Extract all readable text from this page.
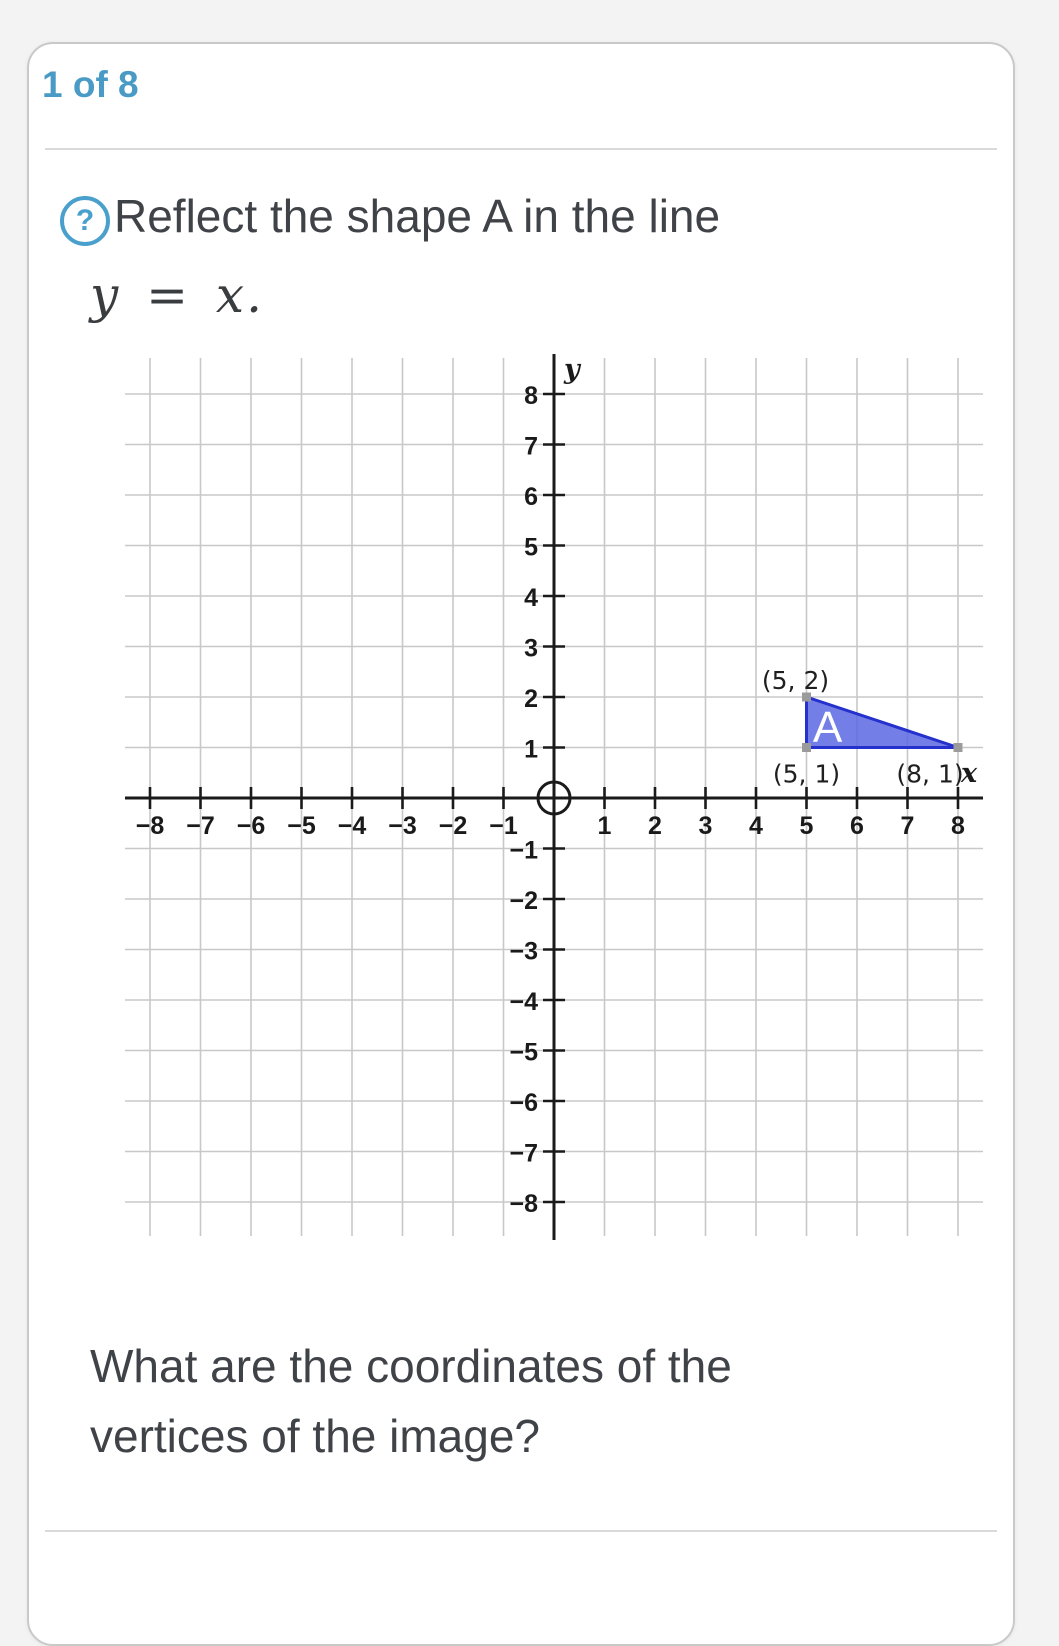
1 of 8
? Reflect the shape A in the line
y = x.
−8 −7 −6 −5 −4 −3 −2 −1	1 2 3 4 5 6 7 8
8
7
6
5
4
3
2
1
−1
−2
−3
−4
−5
−6
−7
−8
y
x
(5, 2)
(5, 1) (8, 1)
A
What are the coordinates of the
vertices of the image?
